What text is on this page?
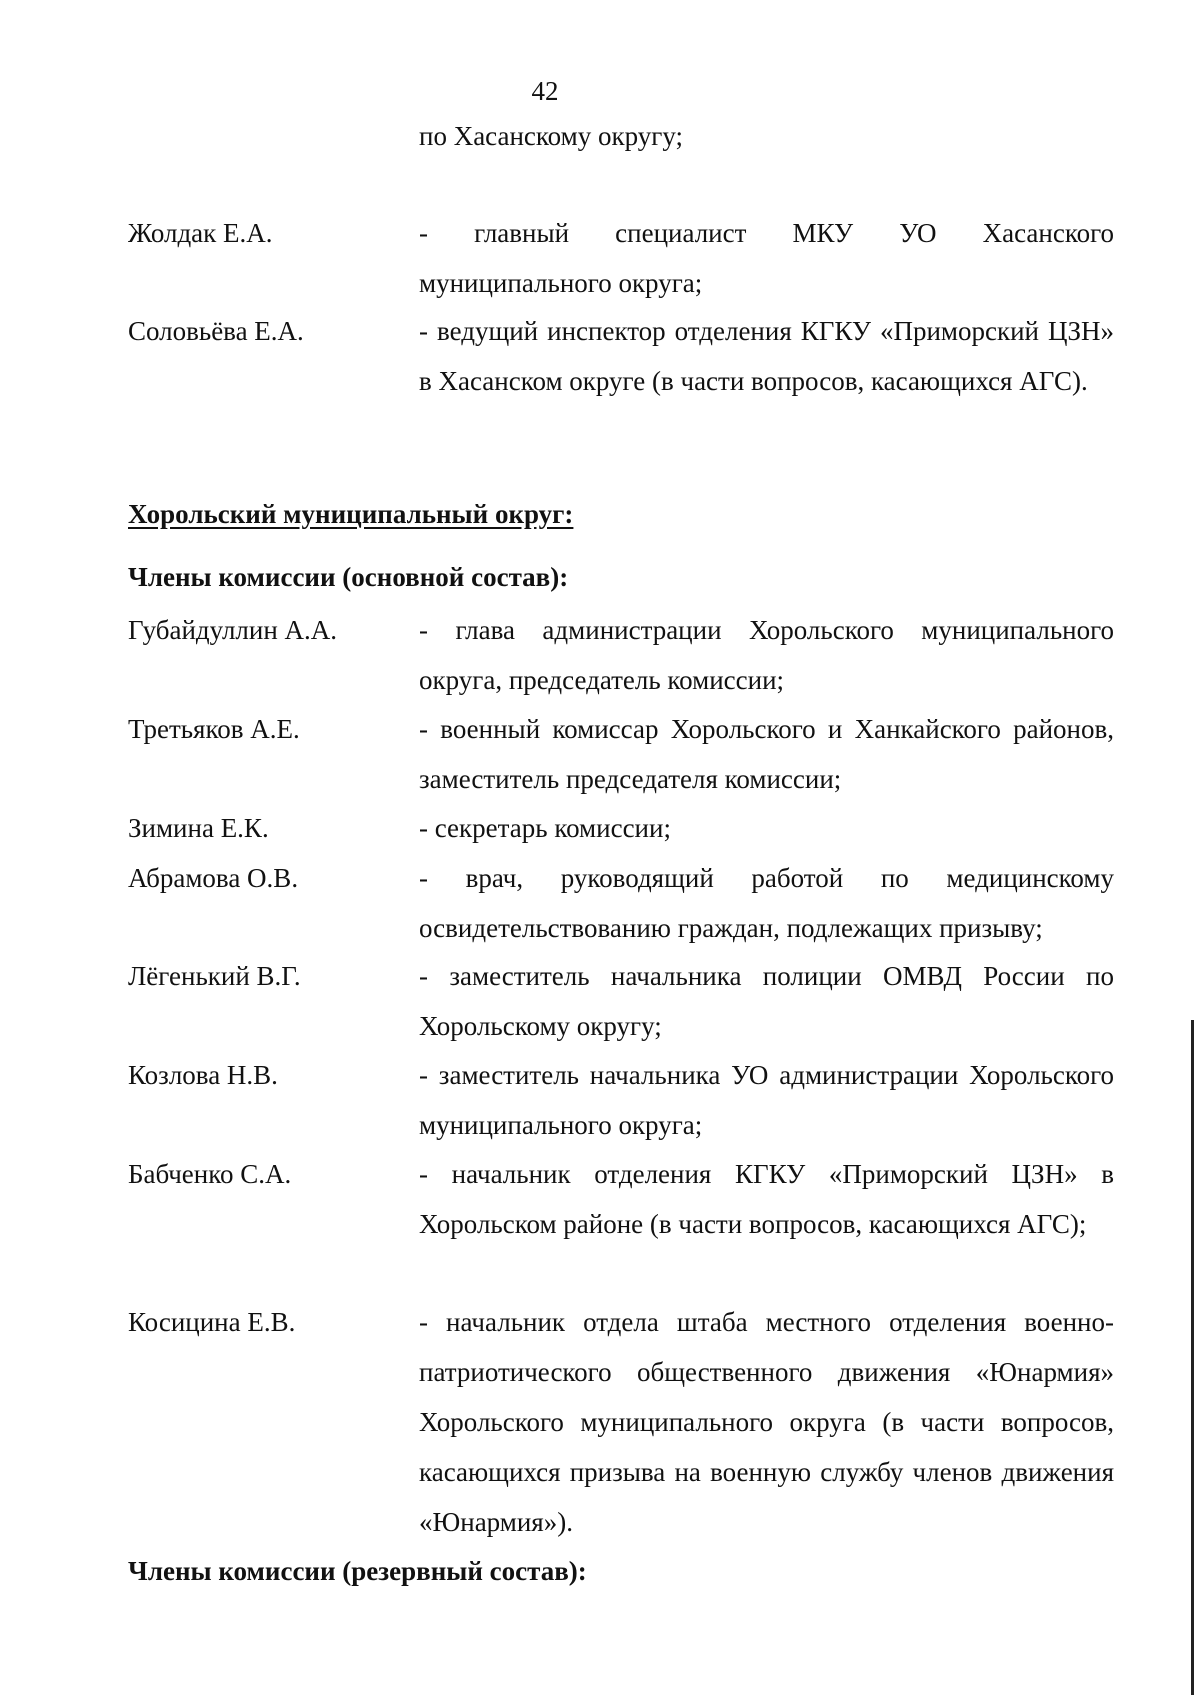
42
по Хасанскому округу;
Жолдак Е.А.	- главный специалист МКУ УО Хасанского муниципального округа;
Соловьёва Е.А.	- ведущий инспектор отделения КГКУ «Приморский ЦЗН» в Хасанском округе (в части вопросов, касающихся АГС).
Хорольский муниципальный округ:
Члены комиссии (основной состав):
Губайдуллин А.А.	- глава администрации Хорольского муниципального округа, председатель комиссии;
Третьяков А.Е.	- военный комиссар Хорольского и Ханкайского районов, заместитель председателя комиссии;
Зимина Е.К.	- секретарь комиссии;
Абрамова О.В.	- врач, руководящий работой по медицинскому освидетельствованию граждан, подлежащих призыву;
Лёгенький В.Г.	- заместитель начальника полиции ОМВД России по Хорольскому округу;
Козлова Н.В.	- заместитель начальника УО администрации Хорольского муниципального округа;
Бабченко С.А.	- начальник отделения КГКУ «Приморский ЦЗН» в Хорольском районе (в части вопросов, касающихся АГС);
Косицина Е.В.	- начальник отдела штаба местного отделения военно-патриотического общественного движения «Юнармия» Хорольского муниципального округа (в части вопросов, касающихся призыва на военную службу членов движения «Юнармия»).
Члены комиссии (резервный состав):
